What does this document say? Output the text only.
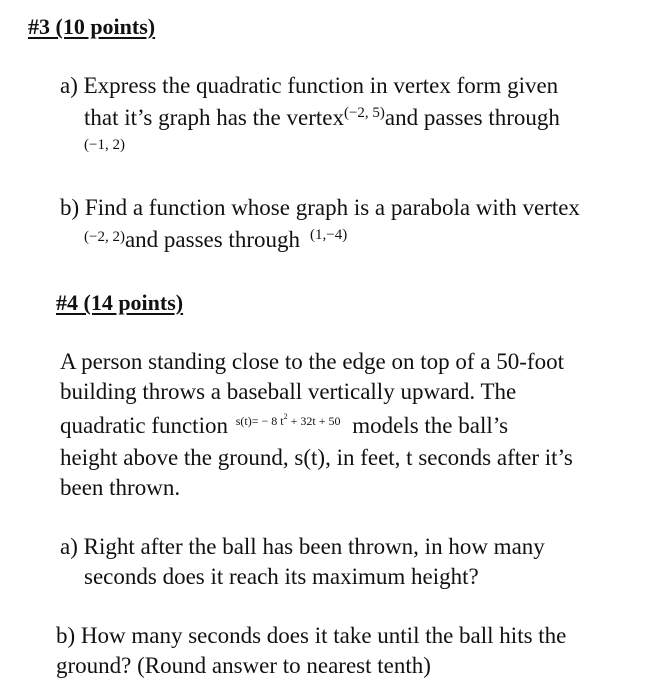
#3 (10 points)
a) Express the quadratic function in vertex form given
that it’s graph has the vertex$^{(-2, 5)}$and passes through
(−1, 2)
b) Find a function whose graph is a parabola with vertex
$^{(-2, 2)}$and passes through $^{(1,-4)}$
#4 (14 points)
A person standing close to the edge on top of a 50-foot
building throws a baseball vertically upward. The
quadratic function $^{s(t)= - 8 t^2 + 32t + 50}$ models the ball’s
height above the ground, s(t), in feet, t seconds after it’s
been thrown.
a) Right after the ball has been thrown, in how many
seconds does it reach its maximum height?
b) How many seconds does it take until the ball hits the
ground? (Round answer to nearest tenth)
